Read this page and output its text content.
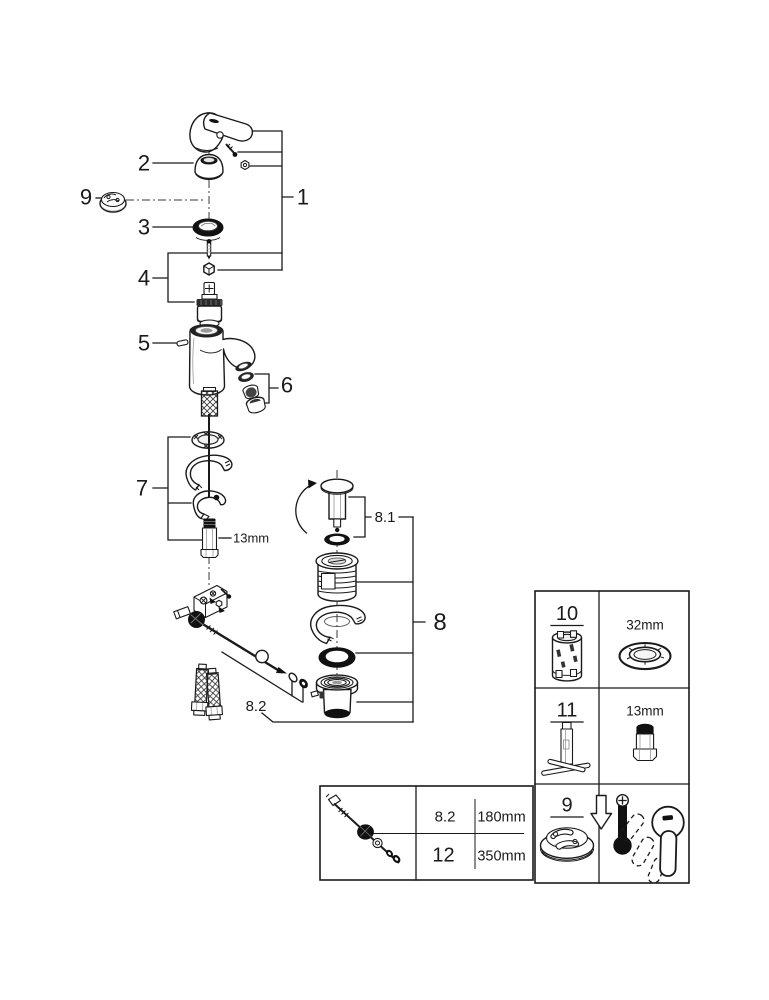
1
2
3
4
5
6
7
8
8.1
8.2
9
13mm
10	32mm
11	13mm
9
8.2 180mm
12 350mm
